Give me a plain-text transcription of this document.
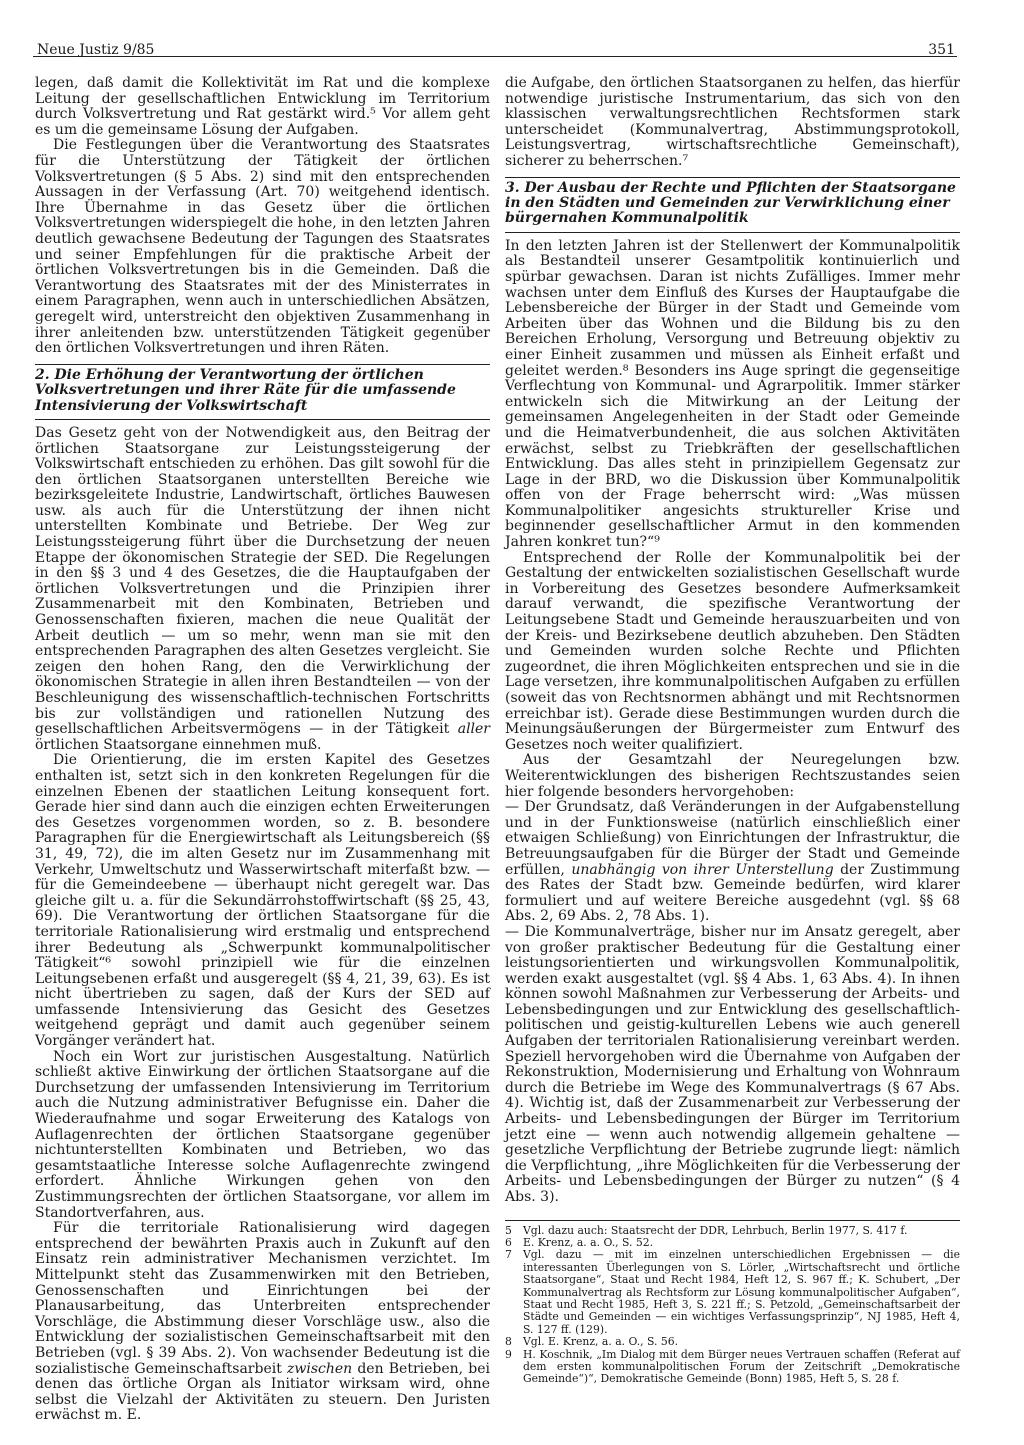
Neue Justiz 9/85	351

legen, daß damit die Kollektivität im Rat und die komplexe Leitung der gesellschaftlichen Entwicklung im Territorium durch Volksvertretung und Rat gestärkt wird.⁵ Vor allem geht es um die gemeinsame Lösung der Aufgaben.

Die Festlegungen über die Verantwortung des Staatsrates für die Unterstützung der Tätigkeit der örtlichen Volksvertretungen (§ 5 Abs. 2) sind mit den entsprechenden Aussagen in der Verfassung (Art. 70) weitgehend identisch. Ihre Übernahme in das Gesetz über die örtlichen Volksvertretungen widerspiegelt die hohe, in den letzten Jahren deutlich gewachsene Bedeutung der Tagungen des Staatsrates und seiner Empfehlungen für die praktische Arbeit der örtlichen Volksvertretungen bis in die Gemeinden. Daß die Verantwortung des Staatsrates mit der des Ministerrates in einem Paragraphen, wenn auch in unterschiedlichen Absätzen, geregelt wird, unterstreicht den objektiven Zusammenhang in ihrer anleitenden bzw. unterstützenden Tätigkeit gegenüber den örtlichen Volksvertretungen und ihren Räten.

2. Die Erhöhung der Verantwortung der örtlichen Volksvertretungen und ihrer Räte für die umfassende Intensivierung der Volkswirtschaft

Das Gesetz geht von der Notwendigkeit aus, den Beitrag der örtlichen Staatsorgane zur Leistungssteigerung der Volkswirtschaft entschieden zu erhöhen. Das gilt sowohl für die den örtlichen Staatsorganen unterstellten Bereiche wie bezirksgeleitete Industrie, Landwirtschaft, örtliches Bauwesen usw. als auch für die Unterstützung der ihnen nicht unterstellten Kombinate und Betriebe. Der Weg zur Leistungssteigerung führt über die Durchsetzung der neuen Etappe der ökonomischen Strategie der SED. Die Regelungen in den §§ 3 und 4 des Gesetzes, die die Hauptaufgaben der örtlichen Volksvertretungen und die Prinzipien ihrer Zusammenarbeit mit den Kombinaten, Betrieben und Genossenschaften fixieren, machen die neue Qualität der Arbeit deutlich — um so mehr, wenn man sie mit den entsprechenden Paragraphen des alten Gesetzes vergleicht. Sie zeigen den hohen Rang, den die Verwirklichung der ökonomischen Strategie in allen ihren Bestandteilen — von der Beschleunigung des wissenschaftlich-technischen Fortschritts bis zur vollständigen und rationellen Nutzung des gesellschaftlichen Arbeitsvermögens — in der Tätigkeit aller örtlichen Staatsorgane einnehmen muß.

Die Orientierung, die im ersten Kapitel des Gesetzes enthalten ist, setzt sich in den konkreten Regelungen für die einzelnen Ebenen der staatlichen Leitung konsequent fort. Gerade hier sind dann auch die einzigen echten Erweiterungen des Gesetzes vorgenommen worden, so z. B. besondere Paragraphen für die Energiewirtschaft als Leitungsbereich (§§ 31, 49, 72), die im alten Gesetz nur im Zusammenhang mit Verkehr, Umweltschutz und Wasserwirtschaft miterfaßt bzw. — für die Gemeindeebene — überhaupt nicht geregelt war. Das gleiche gilt u. a. für die Sekundärrohstoffwirtschaft (§§ 25, 43, 69). Die Verantwortung der örtlichen Staatsorgane für die territoriale Rationalisierung wird erstmalig und entsprechend ihrer Bedeutung als „Schwerpunkt kommunalpolitischer Tätigkeit“⁶ sowohl prinzipiell wie für die einzelnen Leitungsebenen erfaßt und ausgeregelt (§§ 4, 21, 39, 63). Es ist nicht übertrieben zu sagen, daß der Kurs der SED auf umfassende Intensivierung das Gesicht des Gesetzes weitgehend geprägt und damit auch gegenüber seinem Vorgänger verändert hat.

Noch ein Wort zur juristischen Ausgestaltung. Natürlich schließt aktive Einwirkung der örtlichen Staatsorgane auf die Durchsetzung der umfassenden Intensivierung im Territorium auch die Nutzung administrativer Befugnisse ein. Daher die Wiederaufnahme und sogar Erweiterung des Katalogs von Auflagenrechten der örtlichen Staatsorgane gegenüber nichtunterstellten Kombinaten und Betrieben, wo das gesamtstaatliche Interesse solche Auflagenrechte zwingend erfordert. Ähnliche Wirkungen gehen von den Zustimmungsrechten der örtlichen Staatsorgane, vor allem im Standortverfahren, aus.

Für die territoriale Rationalisierung wird dagegen entsprechend der bewährten Praxis auch in Zukunft auf den Einsatz rein administrativer Mechanismen verzichtet. Im Mittelpunkt steht das Zusammenwirken mit den Betrieben, Genossenschaften und Einrichtungen bei der Planausarbeitung, das Unterbreiten entsprechender Vorschläge, die Abstimmung dieser Vorschläge usw., also die Entwicklung der sozialistischen Gemeinschaftsarbeit mit den Betrieben (vgl. § 39 Abs. 2). Von wachsender Bedeutung ist die sozialistische Gemeinschaftsarbeit zwischen den Betrieben, bei denen das örtliche Organ als Initiator wirksam wird, ohne selbst die Vielzahl der Aktivitäten zu steuern. Den Juristen erwächst m. E.

die Aufgabe, den örtlichen Staatsorganen zu helfen, das hierfür notwendige juristische Instrumentarium, das sich von den klassischen verwaltungsrechtlichen Rechtsformen stark unterscheidet (Kommunalvertrag, Abstimmungsprotokoll, Leistungsvertrag, wirtschaftsrechtliche Gemeinschaft), sicherer zu beherrschen.⁷

3. Der Ausbau der Rechte und Pflichten der Staatsorgane in den Städten und Gemeinden zur Verwirklichung einer bürgernahen Kommunalpolitik

In den letzten Jahren ist der Stellenwert der Kommunalpolitik als Bestandteil unserer Gesamtpolitik kontinuierlich und spürbar gewachsen. Daran ist nichts Zufälliges. Immer mehr wachsen unter dem Einfluß des Kurses der Hauptaufgabe die Lebensbereiche der Bürger in der Stadt und Gemeinde vom Arbeiten über das Wohnen und die Bildung bis zu den Bereichen Erholung, Versorgung und Betreuung objektiv zu einer Einheit zusammen und müssen als Einheit erfaßt und geleitet werden.⁸ Besonders ins Auge springt die gegenseitige Verflechtung von Kommunal- und Agrarpolitik. Immer stärker entwickeln sich die Mitwirkung an der Leitung der gemeinsamen Angelegenheiten in der Stadt oder Gemeinde und die Heimatverbundenheit, die aus solchen Aktivitäten erwächst, selbst zu Triebkräften der gesellschaftlichen Entwicklung. Das alles steht in prinzipiellem Gegensatz zur Lage in der BRD, wo die Diskussion über Kommunalpolitik offen von der Frage beherrscht wird: „Was müssen Kommunalpolitiker angesichts struktureller Krise und beginnender gesellschaftlicher Armut in den kommenden Jahren konkret tun?“⁹

Entsprechend der Rolle der Kommunalpolitik bei der Gestaltung der entwickelten sozialistischen Gesellschaft wurde in Vorbereitung des Gesetzes besondere Aufmerksamkeit darauf verwandt, die spezifische Verantwortung der Leitungsebene Stadt und Gemeinde herauszuarbeiten und von der Kreis- und Bezirksebene deutlich abzuheben. Den Städten und Gemeinden wurden solche Rechte und Pflichten zugeordnet, die ihren Möglichkeiten entsprechen und sie in die Lage versetzen, ihre kommunalpolitischen Aufgaben zu erfüllen (soweit das von Rechtsnormen abhängt und mit Rechtsnormen erreichbar ist). Gerade diese Bestimmungen wurden durch die Meinungsäußerungen der Bürgermeister zum Entwurf des Gesetzes noch weiter qualifiziert.

Aus der Gesamtzahl der Neuregelungen bzw. Weiterentwicklungen des bisherigen Rechtszustandes seien hier folgende besonders hervorgehoben:

— Der Grundsatz, daß Veränderungen in der Aufgabenstellung und in der Funktionsweise (natürlich einschließlich einer etwaigen Schließung) von Einrichtungen der Infrastruktur, die Betreuungsaufgaben für die Bürger der Stadt und Gemeinde erfüllen, unabhängig von ihrer Unterstellung der Zustimmung des Rates der Stadt bzw. Gemeinde bedürfen, wird klarer formuliert und auf weitere Bereiche ausgedehnt (vgl. §§ 68 Abs. 2, 69 Abs. 2, 78 Abs. 1).

— Die Kommunalverträge, bisher nur im Ansatz geregelt, aber von großer praktischer Bedeutung für die Gestaltung einer leistungsorientierten und wirkungsvollen Kommunalpolitik, werden exakt ausgestaltet (vgl. §§ 4 Abs. 1, 63 Abs. 4). In ihnen können sowohl Maßnahmen zur Verbesserung der Arbeits- und Lebensbedingungen und zur Entwicklung des gesellschaftlich-politischen und geistig-kulturellen Lebens wie auch generell Aufgaben der territorialen Rationalisierung vereinbart werden. Speziell hervorgehoben wird die Übernahme von Aufgaben der Rekonstruktion, Modernisierung und Erhaltung von Wohnraum durch die Betriebe im Wege des Kommunalvertrags (§ 67 Abs. 4). Wichtig ist, daß der Zusammenarbeit zur Verbesserung der Arbeits- und Lebensbedingungen der Bürger im Territorium jetzt eine — wenn auch notwendig allgemein gehaltene — gesetzliche Verpflichtung der Betriebe zugrunde liegt: nämlich die Verpflichtung, „ihre Möglichkeiten für die Verbesserung der Arbeits- und Lebensbedingungen der Bürger zu nutzen“ (§ 4 Abs. 3).

5	Vgl. dazu auch: Staatsrecht der DDR, Lehrbuch, Berlin 1977, S. 417 f.
6	E. Krenz, a. a. O., S. 52.
7	Vgl. dazu — mit im einzelnen unterschiedlichen Ergebnissen — die interessanten Überlegungen von S. Lörler, „Wirtschaftsrecht und örtliche Staatsorgane“, Staat und Recht 1984, Heft 12, S. 967 ff.; K. Schubert, „Der Kommunalvertrag als Rechtsform zur Lösung kommunalpolitischer Aufgaben“, Staat und Recht 1985, Heft 3, S. 221 ff.; S. Petzold, „Gemeinschaftsarbeit der Städte und Gemeinden — ein wichtiges Verfassungsprinzip“, NJ 1985, Heft 4, S. 127 ff. (129).
8	Vgl. E. Krenz, a. a. O., S. 56.
9	H. Koschnik, „Im Dialog mit dem Bürger neues Vertrauen schaffen (Referat auf dem ersten kommunalpolitischen Forum der Zeitschrift „Demokratische Gemeinde“)“, Demokratische Gemeinde (Bonn) 1985, Heft 5, S. 28 f.
